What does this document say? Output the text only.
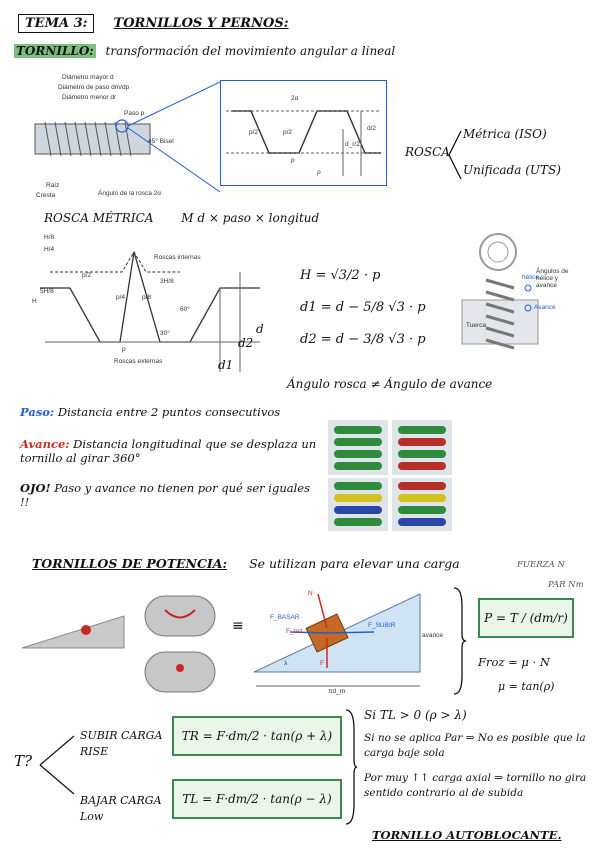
TEMA 3: TORNILLOS Y PERNOS:
TORNILLO: transformación del movimiento angular a lineal
Diámetro mayor d
Diámetro de paso dm/dp
Diámetro menor dr
Paso p
45° Bisel
Raíz
Cresta	Ángulo de la rosca 2α
2α
p/2	p/2
p
d_r/2
d/2
ρ
ROSCA
Métrica (ISO)
Unificada (UTS)
ROSCA MÉTRICA M d × paso × longitud
H/8
H/4
Roscas internas
3H/8
5H/8
H
p/2
p/4	p/8
60°
30°
p
Roscas externas
d
d2
d1
H = √3/2 · p
d1 = d − 5/8 √3 · p
d2 = d − 3/8 √3 · p
Ángulos de hélice y avance
hélice
Avance
Tuerca
Ángulo rosca ≠ Ángulo de avance
Paso: Distancia entre 2 puntos consecutivos
Avance: Distancia longitudinal que se desplaza un tornillo al girar 360°
OJO! Paso y avance no tienen por qué ser iguales !!
TORNILLOS DE POTENCIA: Se utilizan para elevar una carga
≡
N
F_BASAR
F_SUBIR
F_roz
F
λ
avance
πd_m
FUERZA N
PAR Nm
P = T / (dm/r)
Froz = μ · N
μ = tan(ρ)
T?
SUBIR CARGA
RISE
BAJAR CARGA
Low
TR = F·dm/2 · tan(ρ + λ)
TL = F·dm/2 · tan(ρ − λ)
Si TL > 0 (ρ > λ)
Si no se aplica Par ⇒ No es posible que la carga baje sola
Por muy ↑↑ carga axial ⇒ tornillo no gira sentido contrario al de subida
TORNILLO AUTOBLOCANTE.
